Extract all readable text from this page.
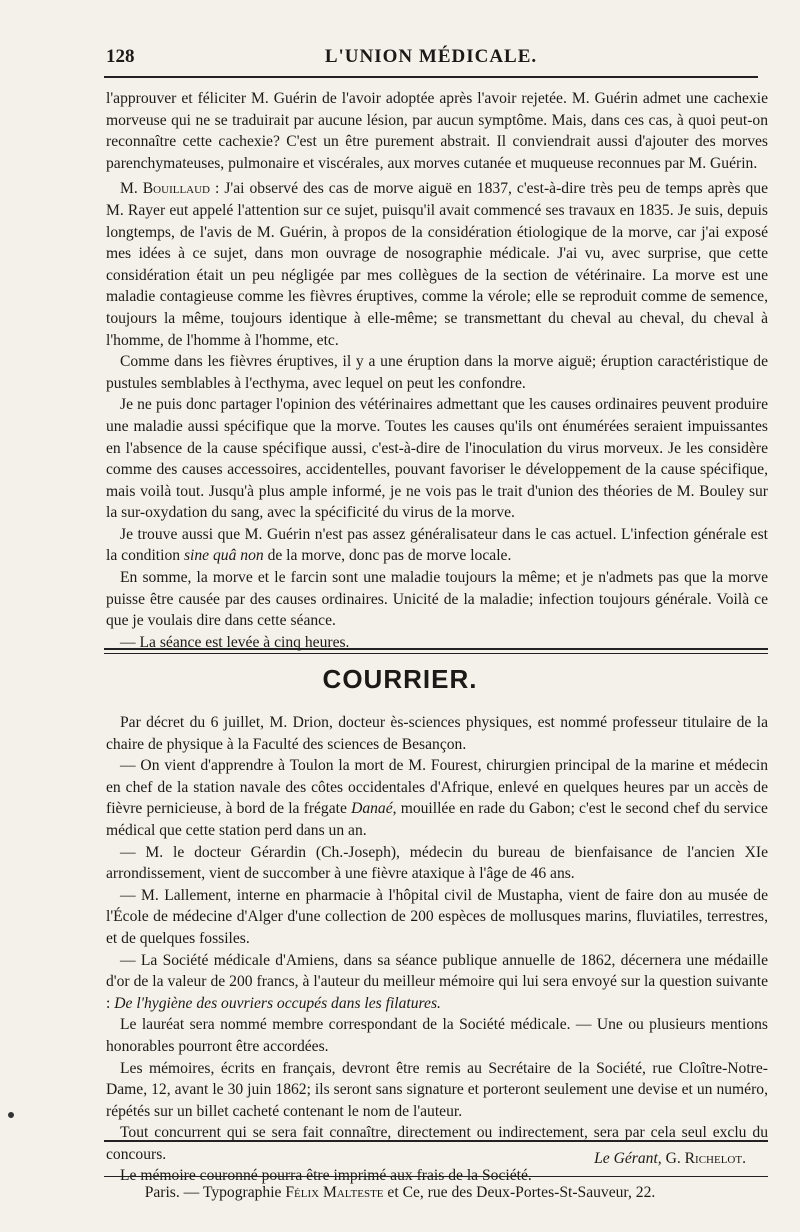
128	L'UNION MÉDICALE.

l'approuver et féliciter M. Guérin de l'avoir adoptée après l'avoir rejetée. M. Guérin admet une cachexie morveuse qui ne se traduirait par aucune lésion, par aucun symptôme. Mais, dans ces cas, à quoi peut-on reconnaître cette cachexie? C'est un être purement abstrait. Il conviendrait aussi d'ajouter des morves parenchymateuses, pulmonaire et viscérales, aux morves cutanée et muqueuse reconnues par M. Guérin.

M. Bouillaud : J'ai observé des cas de morve aiguë en 1837, c'est-à-dire très peu de temps après que M. Rayer eut appelé l'attention sur ce sujet, puisqu'il avait commencé ses travaux en 1835. Je suis, depuis longtemps, de l'avis de M. Guérin, à propos de la considération étiologique de la morve, car j'ai exposé mes idées à ce sujet, dans mon ouvrage de nosographie médicale. J'ai vu, avec surprise, que cette considération était un peu négligée par mes collègues de la section de vétérinaire. La morve est une maladie contagieuse comme les fièvres éruptives, comme la vérole; elle se reproduit comme de semence, toujours la même, toujours identique à elle-même; se transmettant du cheval au cheval, du cheval à l'homme, de l'homme à l'homme, etc.

Comme dans les fièvres éruptives, il y a une éruption dans la morve aiguë; éruption caractéristique de pustules semblables à l'ecthyma, avec lequel on peut les confondre.

Je ne puis donc partager l'opinion des vétérinaires admettant que les causes ordinaires peuvent produire une maladie aussi spécifique que la morve. Toutes les causes qu'ils ont énumérées seraient impuissantes en l'absence de la cause spécifique aussi, c'est-à-dire de l'inoculation du virus morveux. Je les considère comme des causes accessoires, accidentelles, pouvant favoriser le développement de la cause spécifique, mais voilà tout. Jusqu'à plus ample informé, je ne vois pas le trait d'union des théories de M. Bouley sur la sur-oxydation du sang, avec la spécificité du virus de la morve.

Je trouve aussi que M. Guérin n'est pas assez généralisateur dans le cas actuel. L'infection générale est la condition sine quâ non de la morve, donc pas de morve locale.

En somme, la morve et le farcin sont une maladie toujours la même; et je n'admets pas que la morve puisse être causée par des causes ordinaires. Unicité de la maladie; infection toujours générale. Voilà ce que je voulais dire dans cette séance.

— La séance est levée à cinq heures.

COURRIER.

Par décret du 6 juillet, M. Drion, docteur ès-sciences physiques, est nommé professeur titulaire de la chaire de physique à la Faculté des sciences de Besançon.

— On vient d'apprendre à Toulon la mort de M. Fourest, chirurgien principal de la marine et médecin en chef de la station navale des côtes occidentales d'Afrique, enlevé en quelques heures par un accès de fièvre pernicieuse, à bord de la frégate Danaé, mouillée en rade du Gabon; c'est le second chef du service médical que cette station perd dans un an.

— M. le docteur Gérardin (Ch.-Joseph), médecin du bureau de bienfaisance de l'ancien XIe arrondissement, vient de succomber à une fièvre ataxique à l'âge de 46 ans.

— M. Lallement, interne en pharmacie à l'hôpital civil de Mustapha, vient de faire don au musée de l'École de médecine d'Alger d'une collection de 200 espèces de mollusques marins, fluviatiles, terrestres, et de quelques fossiles.

— La Société médicale d'Amiens, dans sa séance publique annuelle de 1862, décernera une médaille d'or de la valeur de 200 francs, à l'auteur du meilleur mémoire qui lui sera envoyé sur la question suivante : De l'hygiène des ouvriers occupés dans les filatures.

Le lauréat sera nommé membre correspondant de la Société médicale. — Une ou plusieurs mentions honorables pourront être accordées.

Les mémoires, écrits en français, devront être remis au Secrétaire de la Société, rue Cloître-Notre-Dame, 12, avant le 30 juin 1862; ils seront sans signature et porteront seulement une devise et un numéro, répétés sur un billet cacheté contenant le nom de l'auteur.

Tout concurrent qui se sera fait connaître, directement ou indirectement, sera par cela seul exclu du concours.

Le mémoire couronné pourra être imprimé aux frais de la Société.

Le Gérant, G. Richelot.
Paris. — Typographie Félix Malteste et Ce, rue des Deux-Portes-St-Sauveur, 22.
